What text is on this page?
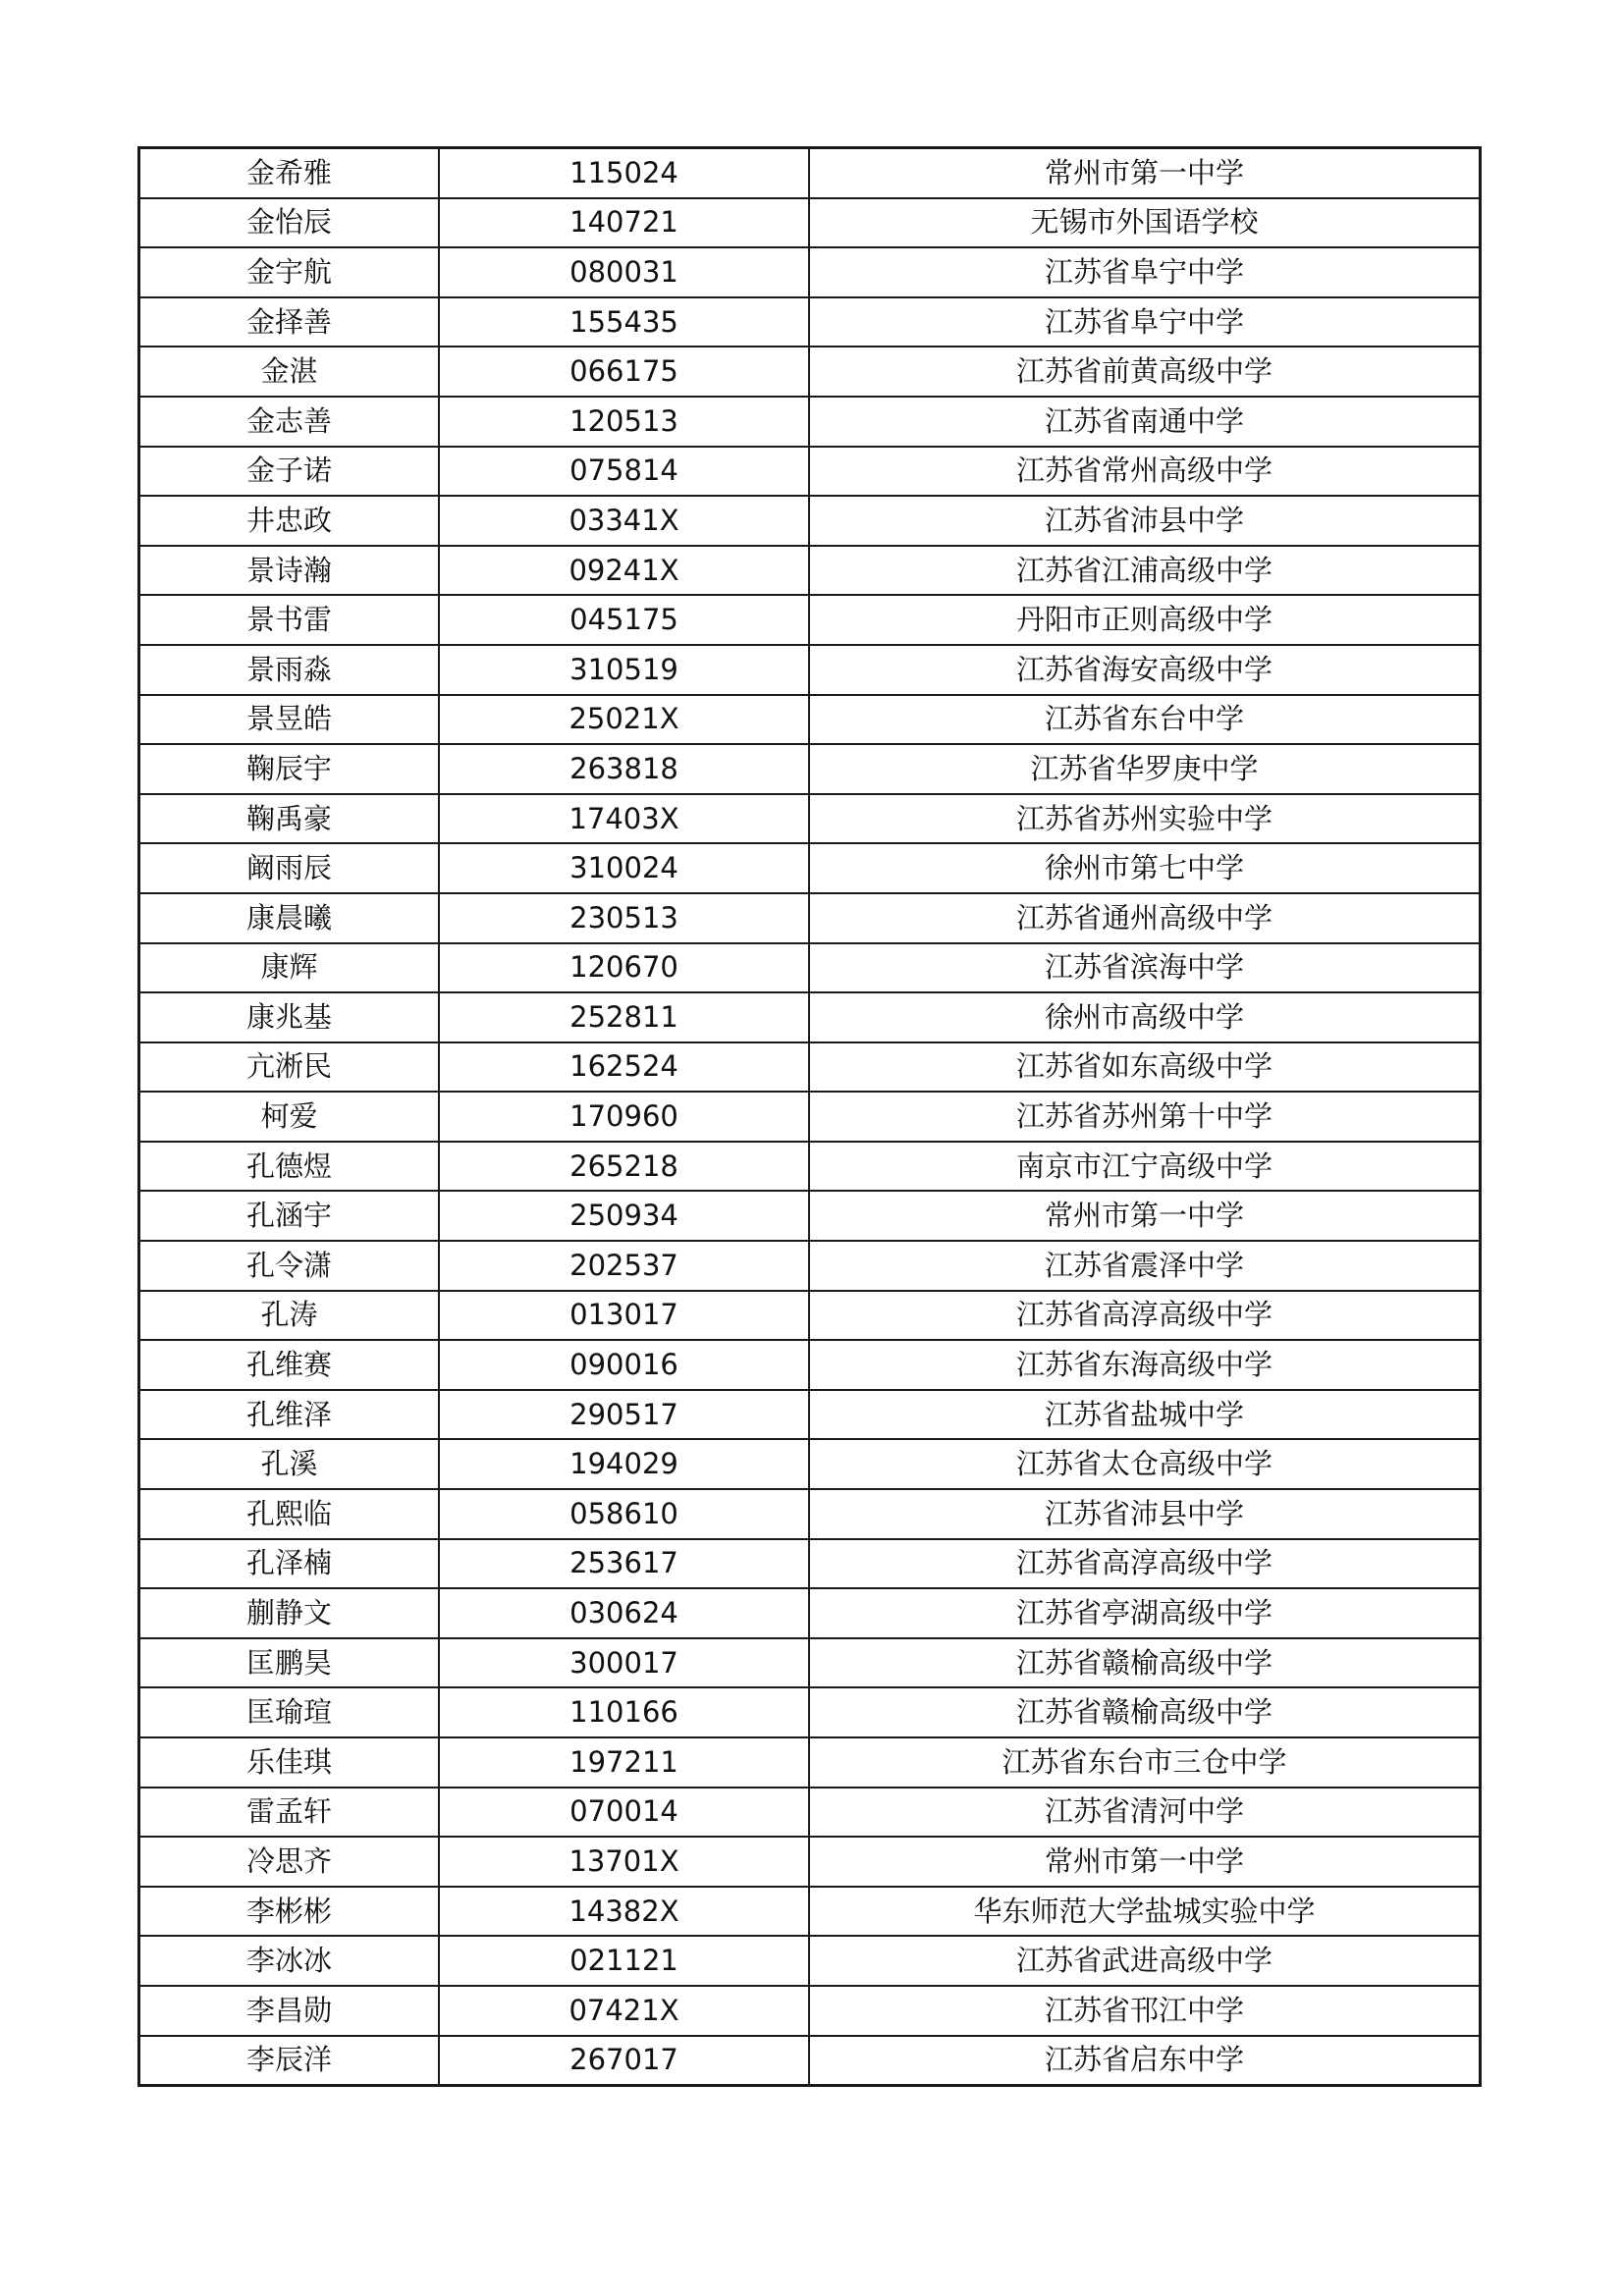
金希雅	115024	常州市第一中学
金怡辰	140721	无锡市外国语学校
金宇航	080031	江苏省阜宁中学
金择善	155435	江苏省阜宁中学
金湛	066175	江苏省前黄高级中学
金志善	120513	江苏省南通中学
金子诺	075814	江苏省常州高级中学
井忠政	03341X	江苏省沛县中学
景诗瀚	09241X	江苏省江浦高级中学
景书雷	045175	丹阳市正则高级中学
景雨淼	310519	江苏省海安高级中学
景昱皓	25021X	江苏省东台中学
鞠辰宇	263818	江苏省华罗庚中学
鞠禹豪	17403X	江苏省苏州实验中学
阚雨辰	310024	徐州市第七中学
康晨曦	230513	江苏省通州高级中学
康辉	120670	江苏省滨海中学
康兆基	252811	徐州市高级中学
亢淅民	162524	江苏省如东高级中学
柯爱	170960	江苏省苏州第十中学
孔德煜	265218	南京市江宁高级中学
孔涵宇	250934	常州市第一中学
孔令潇	202537	江苏省震泽中学
孔涛	013017	江苏省高淳高级中学
孔维赛	090016	江苏省东海高级中学
孔维泽	290517	江苏省盐城中学
孔溪	194029	江苏省太仓高级中学
孔熙临	058610	江苏省沛县中学
孔泽楠	253617	江苏省高淳高级中学
蒯静文	030624	江苏省亭湖高级中学
匡鹏昊	300017	江苏省赣榆高级中学
匡瑜瑄	110166	江苏省赣榆高级中学
乐佳琪	197211	江苏省东台市三仓中学
雷孟轩	070014	江苏省清河中学
冷思齐	13701X	常州市第一中学
李彬彬	14382X	华东师范大学盐城实验中学
李冰冰	021121	江苏省武进高级中学
李昌勋	07421X	江苏省邗江中学
李辰洋	267017	江苏省启东中学
